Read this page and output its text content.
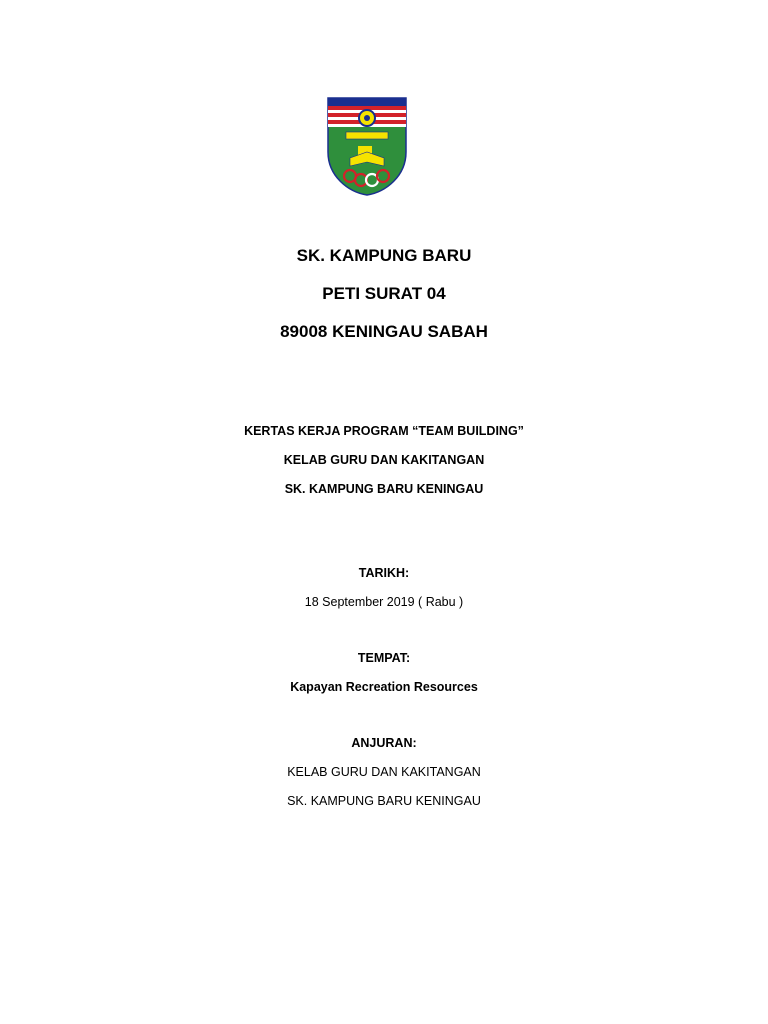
SK. KAMPUNG BARU
PETI SURAT 04
89008 KENINGAU SABAH
KERTAS KERJA PROGRAM “TEAM BUILDING”
KELAB GURU DAN KAKITANGAN
SK. KAMPUNG BARU KENINGAU
TARIKH:
18 September 2019 ( Rabu )
TEMPAT:
Kapayan Recreation Resources
ANJURAN:
KELAB GURU DAN KAKITANGAN
SK. KAMPUNG BARU KENINGAU
